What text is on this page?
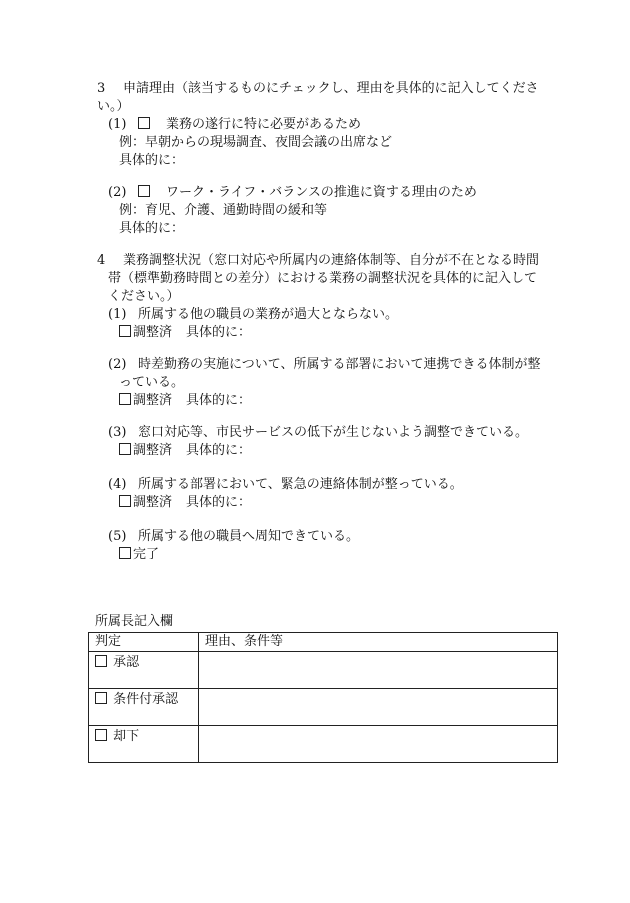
3 申請理由（該当するものにチェックし、理由を具体的に記入してくださ
い。）
(1)	業務の遂行に特に必要があるため
例：早朝からの現場調査、夜間会議の出席など
具体的に：
(2)	ワーク・ライフ・バランスの推進に資する理由のため
例：育児、介護、通勤時間の緩和等
具体的に：
4 業務調整状況（窓口対応や所属内の連絡体制等、自分が不在となる時間
帯（標準勤務時間との差分）における業務の調整状況を具体的に記入して
ください。）
(1) 所属する他の職員の業務が過大とならない。
調整済 具体的に：
(2) 時差勤務の実施について、所属する部署において連携できる体制が整
っている。
調整済 具体的に：
(3) 窓口対応等、市民サービスの低下が生じないよう調整できている。
調整済 具体的に：
(4) 所属する部署において、緊急の連絡体制が整っている。
調整済 具体的に：
(5) 所属する他の職員へ周知できている。
完了
所属長記入欄
判定	理由、条件等
承認	
条件付承認	
却下	
